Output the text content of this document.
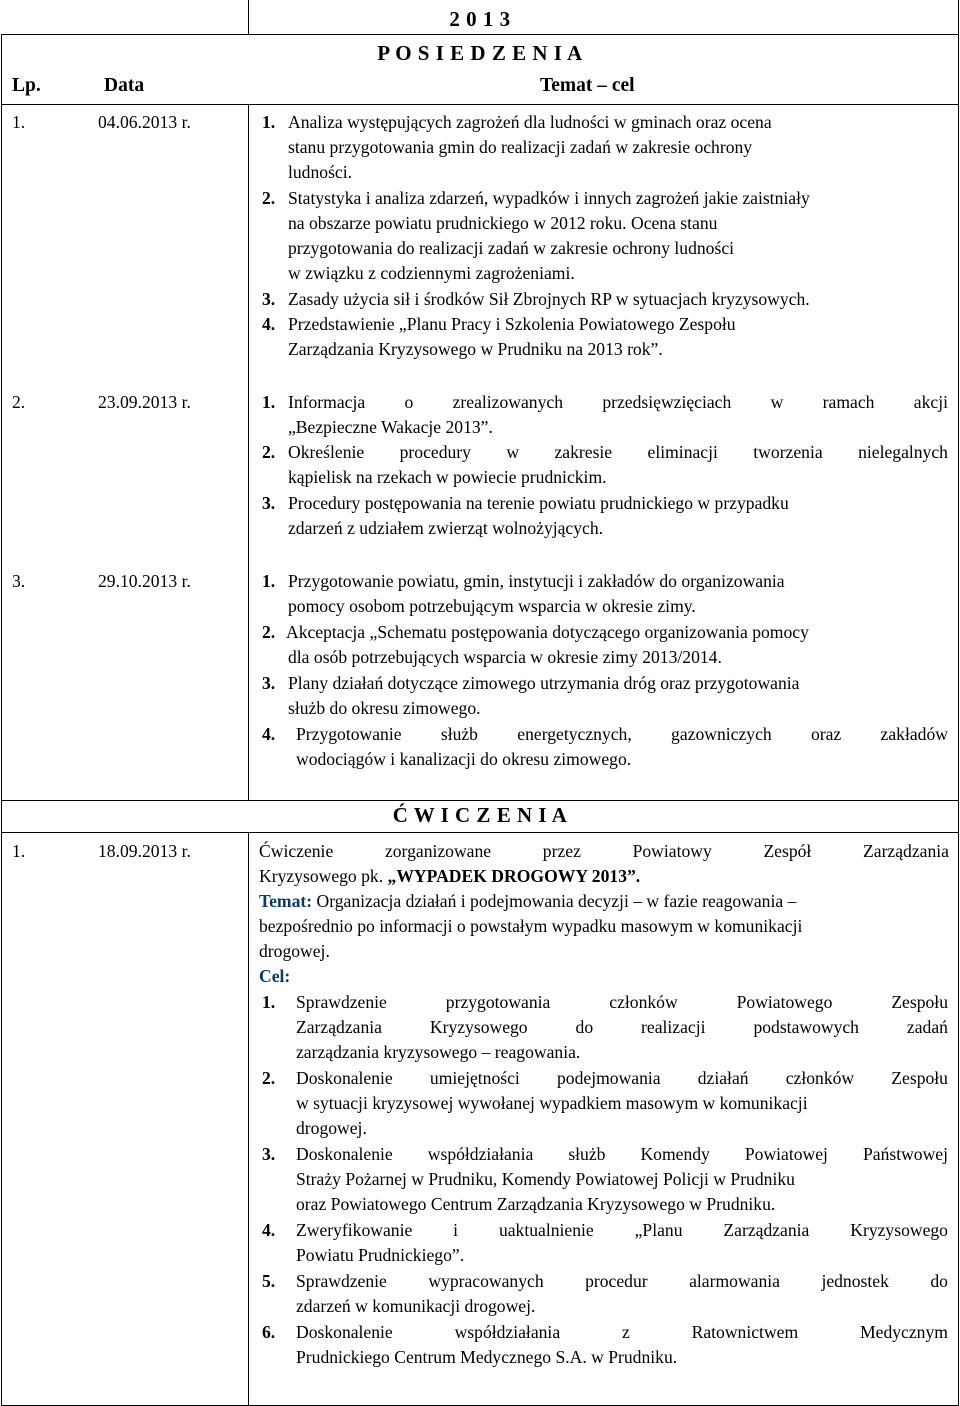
2 0 1 3
P O S I E D Z E N I A
Lp.	Data	Temat – cel
1.	04.06.2013 r.	1. Analiza występujących zagrożeń dla ludności w gminach oraz ocena
stanu przygotowania gmin do realizacji zadań w zakresie ochrony
ludności.
2. Statystyka i analiza zdarzeń, wypadków i innych zagrożeń jakie zaistniały
na obszarze powiatu prudnickiego w 2012 roku. Ocena stanu
przygotowania do realizacji zadań w zakresie ochrony ludności
w związku z codziennymi zagrożeniami.
3. Zasady użycia sił i środków Sił Zbrojnych RP w sytuacjach kryzysowych.
4. Przedstawienie „Planu Pracy i Szkolenia Powiatowego Zespołu
Zarządzania Kryzysowego w Prudniku na 2013 rok”.
2.	23.09.2013 r.	1. Informacja o zrealizowanych przedsięwzięciach w ramach akcji
„Bezpieczne Wakacje 2013”.
2. Określenie procedury w zakresie eliminacji tworzenia nielegalnych
kąpielisk na rzekach w powiecie prudnickim.
3. Procedury postępowania na terenie powiatu prudnickiego w przypadku
zdarzeń z udziałem zwierząt wolnożyjących.
3.	29.10.2013 r.	1. Przygotowanie powiatu, gmin, instytucji i zakładów do organizowania
pomocy osobom potrzebującym wsparcia w okresie zimy.
2. Akceptacja „Schematu postępowania dotyczącego organizowania pomocy
dla osób potrzebujących wsparcia w okresie zimy 2013/2014.
3. Plany działań dotyczące zimowego utrzymania dróg oraz przygotowania
służb do okresu zimowego.
4. Przygotowanie służb energetycznych, gazowniczych oraz zakładów
wodociągów i kanalizacji do okresu zimowego.
Ć W I C Z E N I A
1.	18.09.2013 r.	Ćwiczenie	zorganizowane	przez	Powiatowy	Zespół	Zarządzania
Kryzysowego pk. „WYPADEK DROGOWY 2013”.
Temat: Organizacja działań i podejmowania decyzji – w fazie reagowania –
bezpośrednio po informacji o powstałym wypadku masowym w komunikacji
drogowej.
Cel:
1. Sprawdzenie	przygotowania	członków	Powiatowego	Zespołu
Zarządzania	Kryzysowego	do	realizacji	podstawowych	zadań
zarządzania kryzysowego – reagowania.
2. Doskonalenie umiejętności podejmowania działań członków Zespołu
w sytuacji kryzysowej wywołanej wypadkiem masowym w komunikacji
drogowej.
3. Doskonalenie współdziałania służb Komendy Powiatowej Państwowej
Straży Pożarnej w Prudniku, Komendy Powiatowej Policji w Prudniku
oraz Powiatowego Centrum Zarządzania Kryzysowego w Prudniku.
4. Zweryfikowanie i uaktualnienie „Planu Zarządzania Kryzysowego
Powiatu Prudnickiego”.
5. Sprawdzenie wypracowanych procedur alarmowania jednostek do
zdarzeń w komunikacji drogowej.
6. Doskonalenie	współdziałania	z	Ratownictwem	Medycznym
Prudnickiego Centrum Medycznego S.A. w Prudniku.
